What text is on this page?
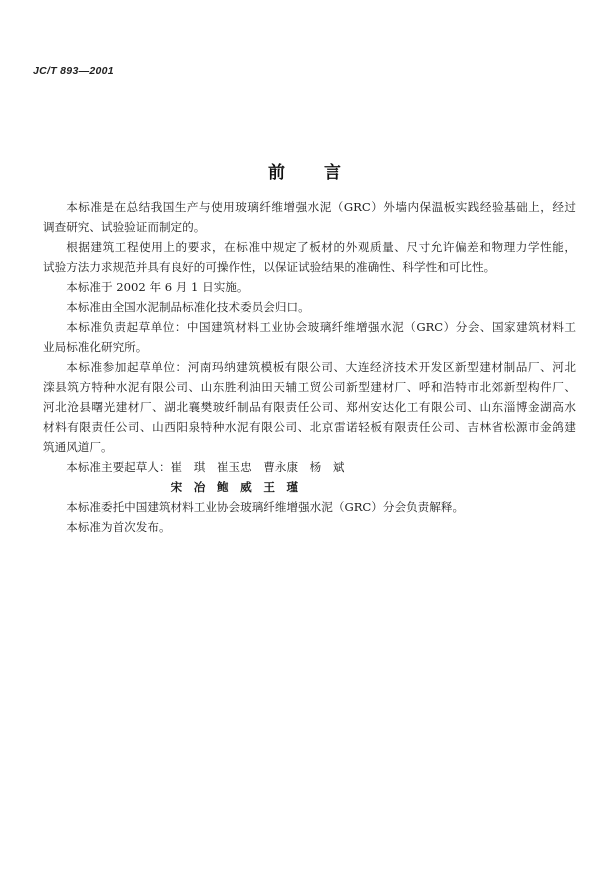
JC/T 893—2001
前　言
本标准是在总结我国生产与使用玻璃纤维增强水泥（GRC）外墙内保温板实践经验基础上，经过
调查研究、试验验证而制定的。
根据建筑工程使用上的要求，在标准中规定了板材的外观质量、尺寸允许偏差和物理力学性能，
试验方法力求规范并具有良好的可操作性，以保证试验结果的准确性、科学性和可比性。
本标准于 2002 年 6 月 1 日实施。
本标准由全国水泥制品标准化技术委员会归口。
本标准负责起草单位：中国建筑材料工业协会玻璃纤维增强水泥（GRC）分会、国家建筑材料工
业局标准化研究所。
本标准参加起草单位：河南玛纳建筑模板有限公司、大连经济技术开发区新型建材制品厂、河北
滦县筑方特种水泥有限公司、山东胜利油田天辅工贸公司新型建材厂、呼和浩特市北郊新型构件厂、
河北沧县曙光建材厂、湖北襄樊玻纤制品有限责任公司、郑州安达化工有限公司、山东淄博金湖高水
材料有限责任公司、山西阳泉特种水泥有限公司、北京雷诺轻板有限责任公司、吉林省松源市金鸽建
筑通风道厂。
本标准主要起草人：崔　琪　崔玉忠　曹永康　杨　斌
宋　冶　鲍　威　王　瑾
本标准委托中国建筑材料工业协会玻璃纤维增强水泥（GRC）分会负责解释。
本标准为首次发布。
